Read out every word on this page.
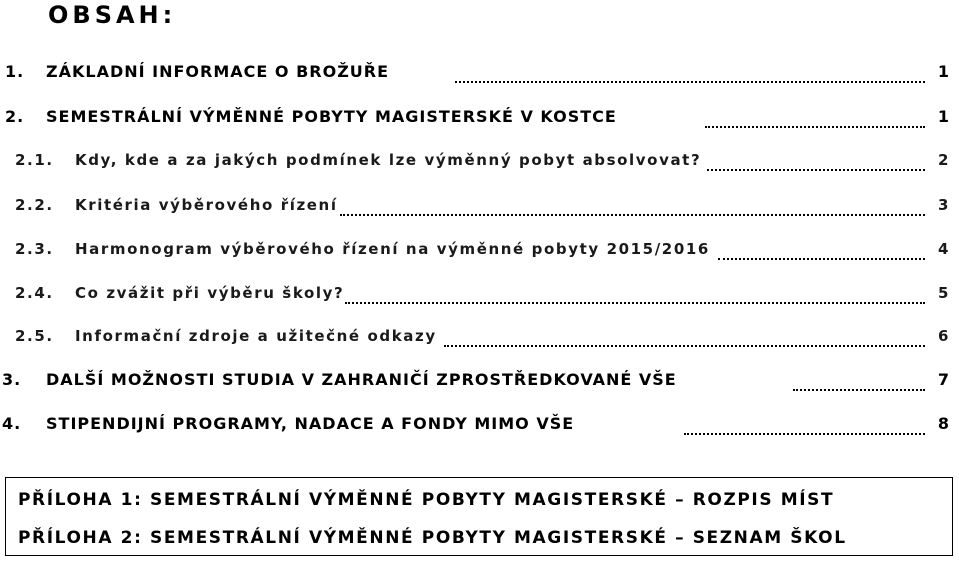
OBSAH:
1. ZÁKLADNÍ INFORMACE O BROŽUŘE	1
2. SEMESTRÁLNÍ VÝMĚNNÉ POBYTY MAGISTERSKÉ V KOSTCE	1
2.1. Kdy, kde a za jakých podmínek lze výměnný pobyt absolvovat?	2
2.2. Kritéria výběrového řízení	3
2.3. Harmonogram výběrového řízení na výměnné pobyty 2015/2016	4
2.4. Co zvážit při výběru školy?	5
2.5. Informační zdroje a užitečné odkazy	6
3. DALŠÍ MOŽNOSTI STUDIA V ZAHRANIČÍ ZPROSTŘEDKOVANÉ VŠE	7
4. STIPENDIJNÍ PROGRAMY, NADACE A FONDY MIMO VŠE	8
PŘÍLOHA 1: SEMESTRÁLNÍ VÝMĚNNÉ POBYTY MAGISTERSKÉ – ROZPIS MÍST
PŘÍLOHA 2: SEMESTRÁLNÍ VÝMĚNNÉ POBYTY MAGISTERSKÉ – SEZNAM ŠKOL
